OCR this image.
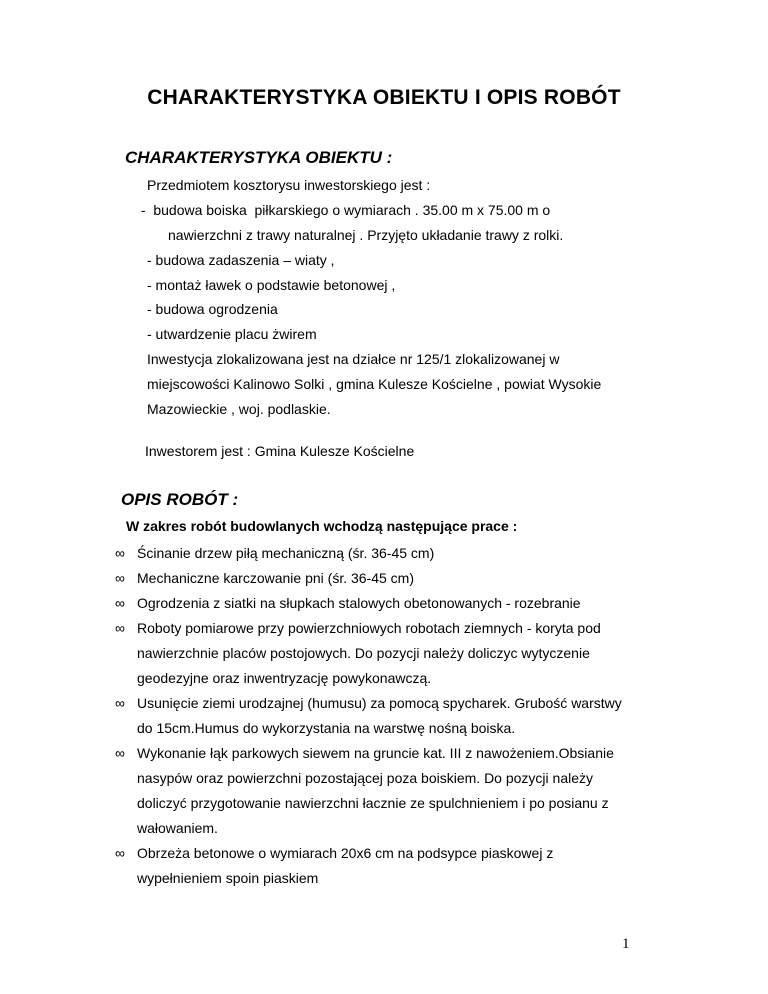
CHARAKTERYSTYKA OBIEKTU I OPIS ROBÓT
CHARAKTERYSTYKA OBIEKTU :
Przedmiotem kosztorysu inwestorskiego jest :
-  budowa boiska  piłkarskiego o wymiarach . 35.00 m x 75.00 m o
nawierzchni z trawy naturalnej . Przyjęto układanie trawy z rolki.
- budowa zadaszenia – wiaty ,
- montaż ławek o podstawie betonowej ,
- budowa ogrodzenia
- utwardzenie placu żwirem
Inwestycja zlokalizowana jest na działce nr 125/1 zlokalizowanej w
miejscowości Kalinowo Solki , gmina Kulesze Kościelne , powiat Wysokie
Mazowieckie , woj. podlaskie.
Inwestorem jest : Gmina Kulesze Kościelne
OPIS ROBÓT :
W zakres robót budowlanych wchodzą następujące prace :
∞ Ścinanie drzew piłą mechaniczną (śr. 36-45 cm)
∞ Mechaniczne karczowanie pni (śr. 36-45 cm)
∞ Ogrodzenia z siatki na słupkach stalowych obetonowanych - rozebranie
∞ Roboty pomiarowe przy powierzchniowych robotach ziemnych - koryta pod
nawierzchnie placów postojowych. Do pozycji należy doliczyc wytyczenie
geodezyjne oraz inwentryzację powykonawczą.
∞ Usunięcie ziemi urodzajnej (humusu) za pomocą spycharek. Grubość warstwy
do 15cm.Humus do wykorzystania na warstwę nośną boiska.
∞ Wykonanie łąk parkowych siewem na gruncie kat. III z nawożeniem.Obsianie
nasypów oraz powierzchni pozostającej poza boiskiem. Do pozycji należy
doliczyć przygotowanie nawierzchni łacznie ze spulchnieniem i po posianu z
wałowaniem.
∞ Obrzeża betonowe o wymiarach 20x6 cm na podsypce piaskowej z
wypełnieniem spoin piaskiem
1
